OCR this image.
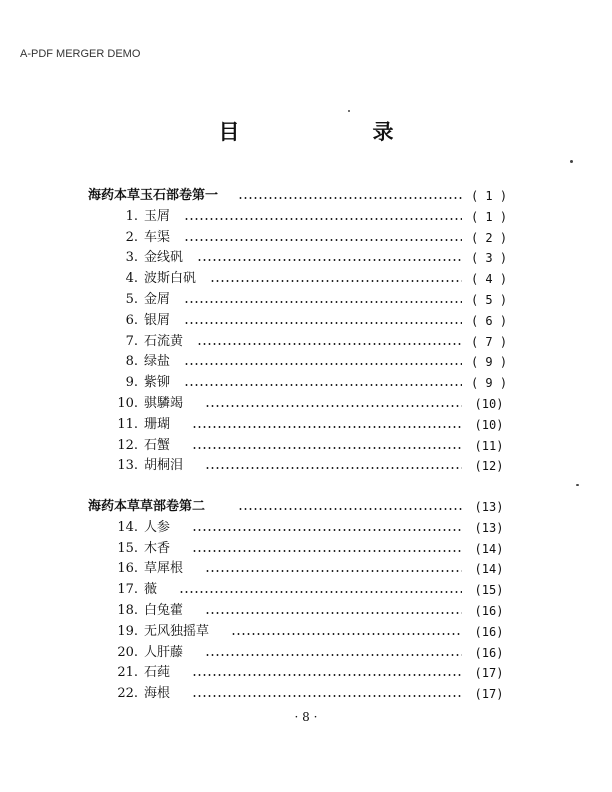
A-PDF MERGER DEMO
目　录
海药本草玉石部卷第一	( 1 )
1. 玉屑	( 1 )
2. 车渠	( 2 )
3. 金线矾	( 3 )
4. 波斯白矾	( 4 )
5. 金屑	( 5 )
6. 银屑	( 6 )
7. 石流黄	( 7 )
8. 绿盐	( 9 )
9. 紫铆	( 9 )
10. 骐驎竭	(10)
11. 珊瑚	(10)
12. 石蟹	(11)
13. 胡桐泪	(12)
海药本草草部卷第二	(13)
14. 人参	(13)
15. 木香	(14)
16. 草犀根	(14)
17. 薇	(15)
18. 白兔藿	(16)
19. 无风独摇草	(16)
20. 人肝藤	(16)
21. 石莼	(17)
22. 海根	(17)
· 8 ·
